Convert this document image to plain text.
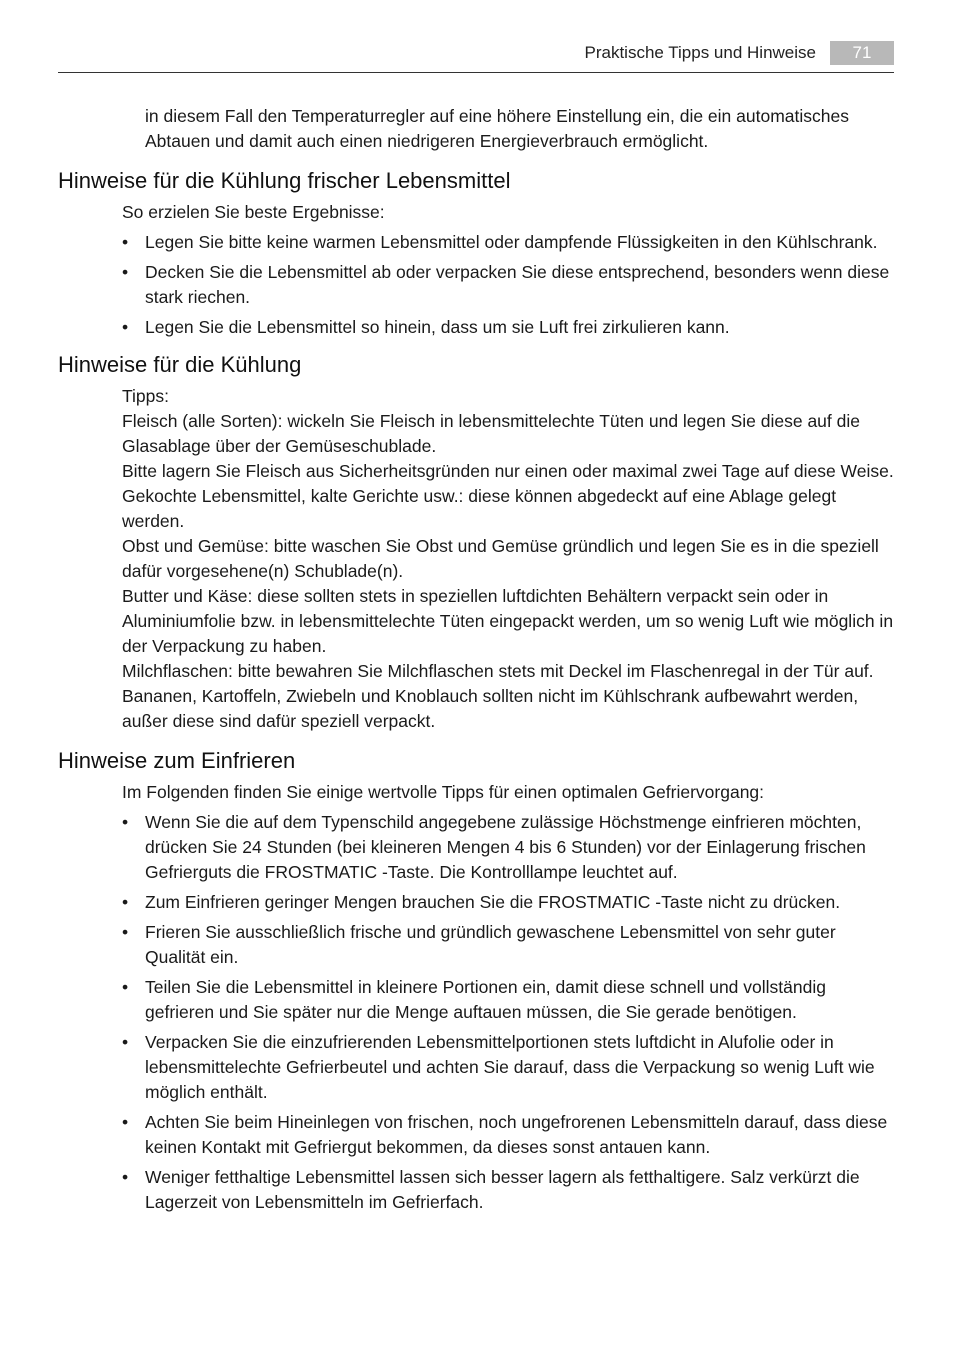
Praktische Tipps und Hinweise	71

in diesem Fall den Temperaturregler auf eine höhere Einstellung ein, die ein automatisches Abtauen und damit auch einen niedrigeren Energieverbrauch ermöglicht.

Hinweise für die Kühlung frischer Lebensmittel

So erzielen Sie beste Ergebnisse:

• Legen Sie bitte keine warmen Lebensmittel oder dampfende Flüssigkeiten in den Kühlschrank.
• Decken Sie die Lebensmittel ab oder verpacken Sie diese entsprechend, besonders wenn diese stark riechen.
• Legen Sie die Lebensmittel so hinein, dass um sie Luft frei zirkulieren kann.
Hinweise für die Kühlung

Tipps:

Fleisch (alle Sorten): wickeln Sie Fleisch in lebensmittelechte Tüten und legen Sie diese auf die Glasablage über der Gemüseschublade.

Bitte lagern Sie Fleisch aus Sicherheitsgründen nur einen oder maximal zwei Tage auf diese Weise.

Gekochte Lebensmittel, kalte Gerichte usw.: diese können abgedeckt auf eine Ablage gelegt werden.

Obst und Gemüse: bitte waschen Sie Obst und Gemüse gründlich und legen Sie es in die speziell dafür vorgesehene(n) Schublade(n).

Butter und Käse: diese sollten stets in speziellen luftdichten Behältern verpackt sein oder in Aluminiumfolie bzw. in lebensmittelechte Tüten eingepackt werden, um so wenig Luft wie möglich in der Verpackung zu haben.

Milchflaschen: bitte bewahren Sie Milchflaschen stets mit Deckel im Flaschenregal in der Tür auf.

Bananen, Kartoffeln, Zwiebeln und Knoblauch sollten nicht im Kühlschrank aufbewahrt werden, außer diese sind dafür speziell verpackt.

Hinweise zum Einfrieren

Im Folgenden finden Sie einige wertvolle Tipps für einen optimalen Gefriervorgang:

• Wenn Sie die auf dem Typenschild angegebene zulässige Höchstmenge einfrieren möchten, drücken Sie 24 Stunden (bei kleineren Mengen 4 bis 6 Stunden) vor der Einlagerung frischen Gefrierguts die FROSTMATIC -Taste. Die Kontrolllampe leuchtet auf.
• Zum Einfrieren geringer Mengen brauchen Sie die FROSTMATIC -Taste nicht zu drücken.
• Frieren Sie ausschließlich frische und gründlich gewaschene Lebensmittel von sehr guter Qualität ein.
• Teilen Sie die Lebensmittel in kleinere Portionen ein, damit diese schnell und vollständig gefrieren und Sie später nur die Menge auftauen müssen, die Sie gerade benötigen.
• Verpacken Sie die einzufrierenden Lebensmittelportionen stets luftdicht in Alufolie oder in lebensmittelechte Gefrierbeutel und achten Sie darauf, dass die Verpackung so wenig Luft wie möglich enthält.
• Achten Sie beim Hineinlegen von frischen, noch ungefrorenen Lebensmitteln darauf, dass diese keinen Kontakt mit Gefriergut bekommen, da dieses sonst antauen kann.
• Weniger fetthaltige Lebensmittel lassen sich besser lagern als fetthaltigere. Salz verkürzt die Lagerzeit von Lebensmitteln im Gefrierfach.
